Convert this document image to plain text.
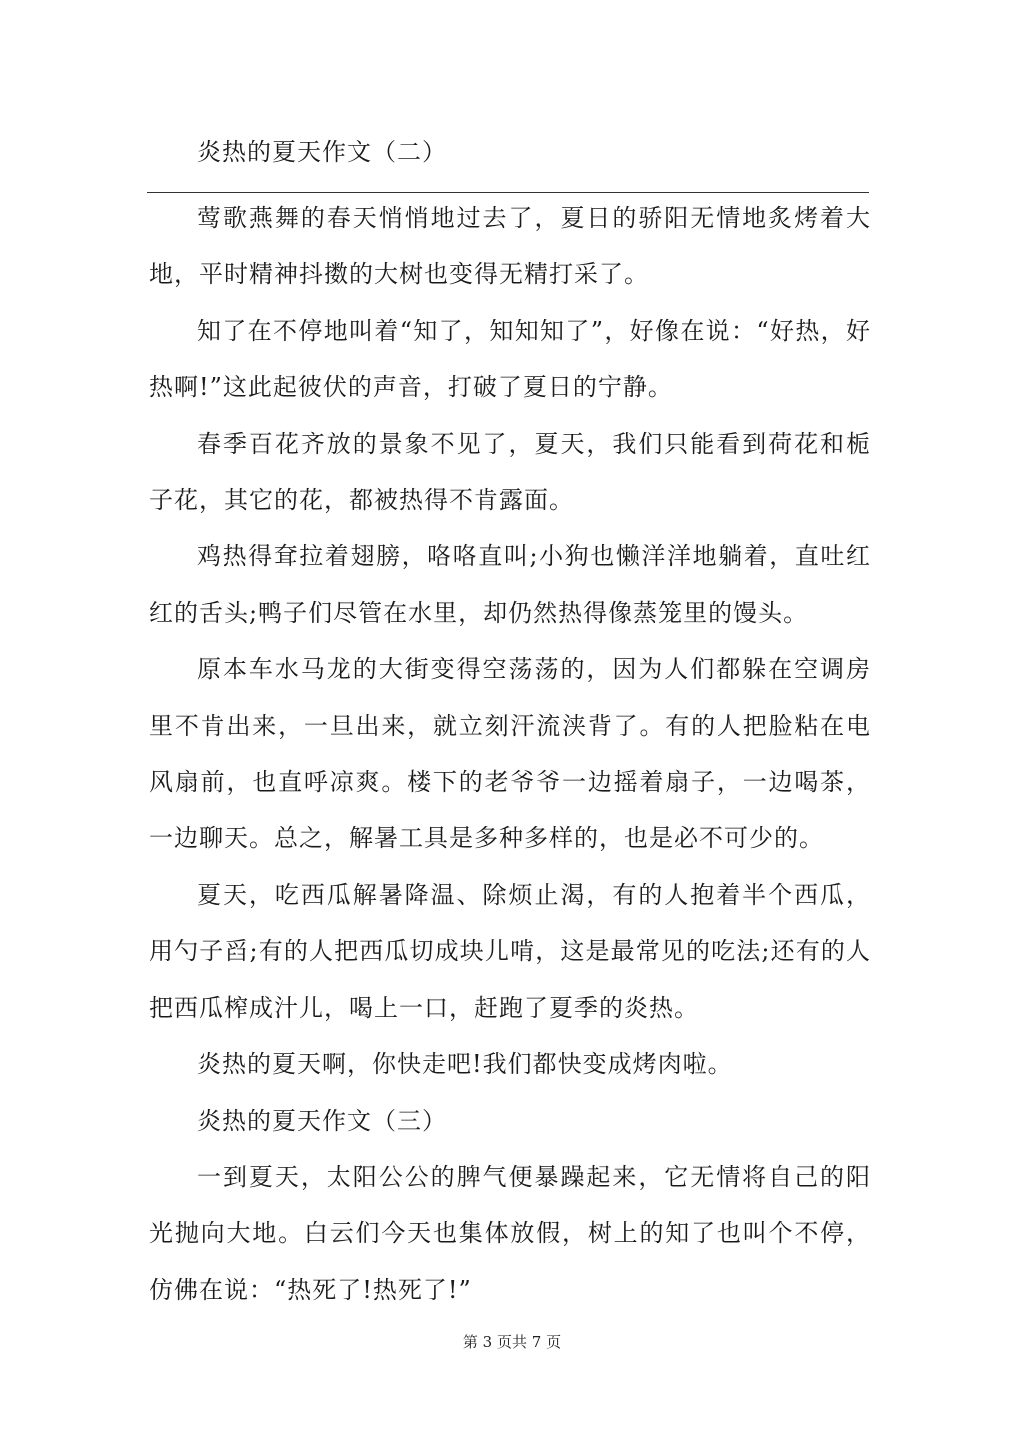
炎热的夏天作文（二）

莺歌燕舞的春天悄悄地过去了，夏日的骄阳无情地炙烤着大地，平时精神抖擞的大树也变得无精打采了。

知了在不停地叫着“知了，知知知了”，好像在说：“好热，好热啊!”这此起彼伏的声音，打破了夏日的宁静。

春季百花齐放的景象不见了，夏天，我们只能看到荷花和栀子花，其它的花，都被热得不肯露面。

鸡热得耷拉着翅膀，咯咯直叫;小狗也懒洋洋地躺着，直吐红红的舌头;鸭子们尽管在水里，却仍然热得像蒸笼里的馒头。

原本车水马龙的大街变得空荡荡的，因为人们都躲在空调房里不肯出来，一旦出来，就立刻汗流浃背了。有的人把脸粘在电风扇前，也直呼凉爽。楼下的老爷爷一边摇着扇子，一边喝茶，一边聊天。总之，解暑工具是多种多样的，也是必不可少的。

夏天，吃西瓜解暑降温、除烦止渴，有的人抱着半个西瓜，用勺子舀;有的人把西瓜切成块儿啃，这是最常见的吃法;还有的人把西瓜榨成汁儿，喝上一口，赶跑了夏季的炎热。

炎热的夏天啊，你快走吧!我们都快变成烤肉啦。

炎热的夏天作文（三）

一到夏天，太阳公公的脾气便暴躁起来，它无情将自己的阳光抛向大地。白云们今天也集体放假，树上的知了也叫个不停，仿佛在说：“热死了!热死了!”

第 3 页共 7 页
